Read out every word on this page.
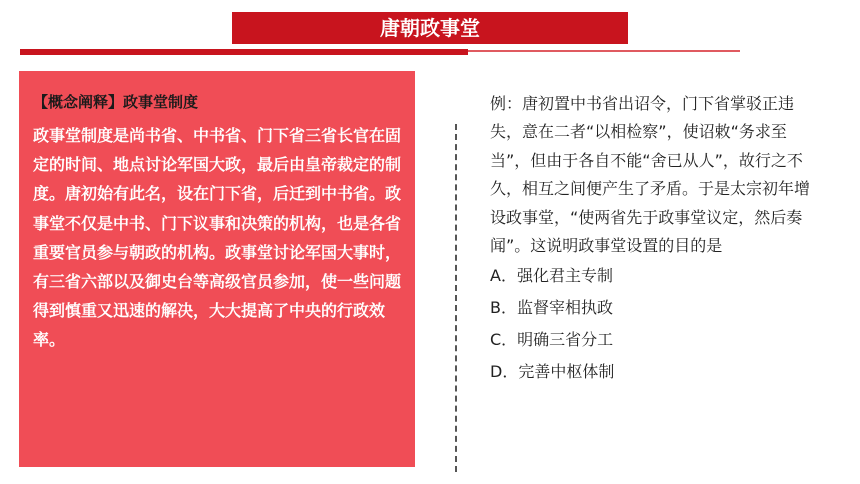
唐朝政事堂
【概念阐释】政事堂制度
政事堂制度是尚书省、中书省、门下省三省长官在固定的时间、地点讨论军国大政，最后由皇帝裁定的制度。唐初始有此名，设在门下省，后迁到中书省。政事堂不仅是中书、门下议事和决策的机构，也是各省重要官员参与朝政的机构。政事堂讨论军国大事时，有三省六部以及御史台等高级官员参加，使一些问题得到慎重又迅速的解决，大大提高了中央的行政效率。

例：唐初置中书省出诏令，门下省掌驳正违失，意在二者“以相检察”，使诏敕“务求至当”，但由于各自不能“舍已从人”，故行之不久，相互之间便产生了矛盾。于是太宗初年增设政事堂，“使两省先于政事堂议定，然后奏闻”。这说明政事堂设置的目的是

A．强化君主专制
B．监督宰相执政
C．明确三省分工
D．完善中枢体制
